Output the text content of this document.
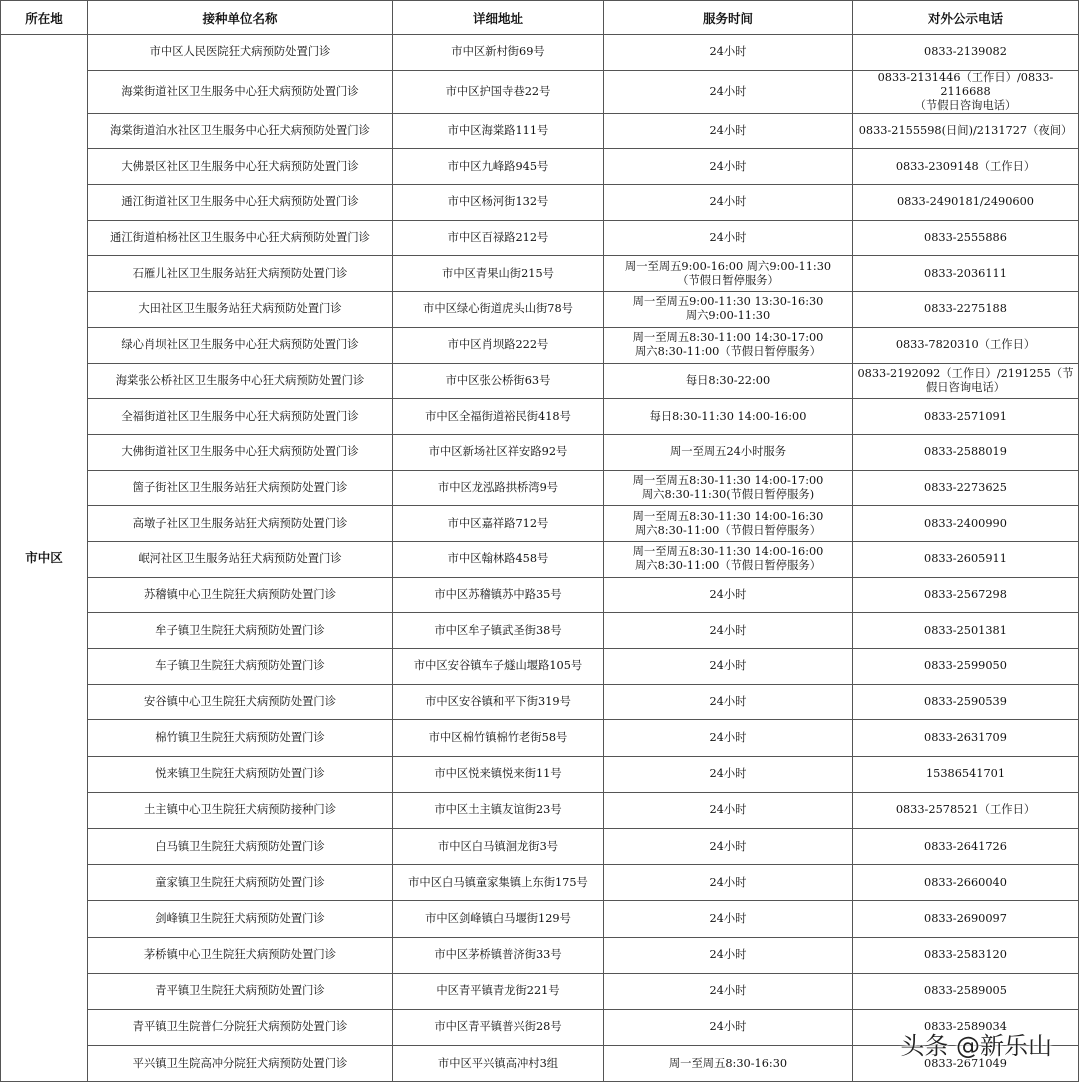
所在地	接种单位名称	详细地址	服务时间	对外公示电话
市中区	市中区人民医院狂犬病预防处置门诊	市中区新村街69号	24小时	0833-2139082

	海棠街道社区卫生服务中心狂犬病预防处置门诊	市中区护国寺巷22号	24小时	0833-2131446（工作日）/0833-2116688
（节假日咨询电话）

	海棠街道泊水社区卫生服务中心狂犬病预防处置门诊	市中区海棠路111号	24小时	0833-2155598(日间)/2131727（夜间）

	大佛景区社区卫生服务中心狂犬病预防处置门诊	市中区九峰路945号	24小时	0833-2309148（工作日）

	通江街道社区卫生服务中心狂犬病预防处置门诊	市中区杨河街132号	24小时	0833-2490181/2490600

	通江街道柏杨社区卫生服务中心狂犬病预防处置门诊	市中区百禄路212号	24小时	0833-2555886

	石雁儿社区卫生服务站狂犬病预防处置门诊	市中区青果山街215号	周一至周五9:00-16:00 周六9:00-11:30
（节假日暂停服务）	0833-2036111

	大田社区卫生服务站狂犬病预防处置门诊	市中区绿心街道虎头山街78号	周一至周五9:00-11:30 13:30-16:30
周六9:00-11:30	0833-2275188

	绿心肖坝社区卫生服务中心狂犬病预防处置门诊	市中区肖坝路222号	周一至周五8:30-11:00 14:30-17:00
周六8:30-11:00（节假日暂停服务）	0833-7820310（工作日）

	海棠张公桥社区卫生服务中心狂犬病预防处置门诊	市中区张公桥街63号	每日8:30-22:00	0833-2192092（工作日）/2191255（节
假日咨询电话）

	全福街道社区卫生服务中心狂犬病预防处置门诊	市中区全福街道裕民街418号	每日8:30-11:30 14:00-16:00	0833-2571091

	大佛街道社区卫生服务中心狂犬病预防处置门诊	市中区新场社区祥安路92号	周一至周五24小时服务	0833-2588019

	箇子街社区卫生服务站狂犬病预防处置门诊	市中区龙泓路拱桥湾9号	周一至周五8:30-11:30 14:00-17:00
周六8:30-11:30(节假日暂停服务)	0833-2273625

	高墩子社区卫生服务站狂犬病预防处置门诊	市中区嘉祥路712号	周一至周五8:30-11:30 14:00-16:30
周六8:30-11:00（节假日暂停服务）	0833-2400990

	岷河社区卫生服务站狂犬病预防处置门诊	市中区翰林路458号	周一至周五8:30-11:30 14:00-16:00
周六8:30-11:00（节假日暂停服务）	0833-2605911

	苏稽镇中心卫生院狂犬病预防处置门诊	市中区苏稽镇苏中路35号	24小时	0833-2567298

	牟子镇卫生院狂犬病预防处置门诊	市中区牟子镇武圣街38号	24小时	0833-2501381

	车子镇卫生院狂犬病预防处置门诊	市中区安谷镇车子燧山堰路105号	24小时	0833-2599050

	安谷镇中心卫生院狂犬病预防处置门诊	市中区安谷镇和平下街319号	24小时	0833-2590539

	棉竹镇卫生院狂犬病预防处置门诊	市中区棉竹镇棉竹老街58号	24小时	0833-2631709

	悦来镇卫生院狂犬病预防处置门诊	市中区悦来镇悦来街11号	24小时	15386541701

	土主镇中心卫生院狂犬病预防接种门诊	市中区土主镇友谊街23号	24小时	0833-2578521（工作日）

	白马镇卫生院狂犬病预防处置门诊	市中区白马镇洄龙街3号	24小时	0833-2641726

	童家镇卫生院狂犬病预防处置门诊	市中区白马镇童家集镇上东街175号	24小时	0833-2660040

	剑峰镇卫生院狂犬病预防处置门诊	市中区剑峰镇白马堰街129号	24小时	0833-2690097

	茅桥镇中心卫生院狂犬病预防处置门诊	市中区茅桥镇普济街33号	24小时	0833-2583120

	青平镇卫生院狂犬病预防处置门诊	中区青平镇青龙街221号	24小时	0833-2589005

	青平镇卫生院普仁分院狂犬病预防处置门诊	市中区青平镇普兴街28号	24小时	0833-2589034

	平兴镇卫生院高冲分院狂犬病预防处置门诊	市中区平兴镇高冲村3组	周一至周五8:30-16:30	0833-2671049
头条 @新乐山
